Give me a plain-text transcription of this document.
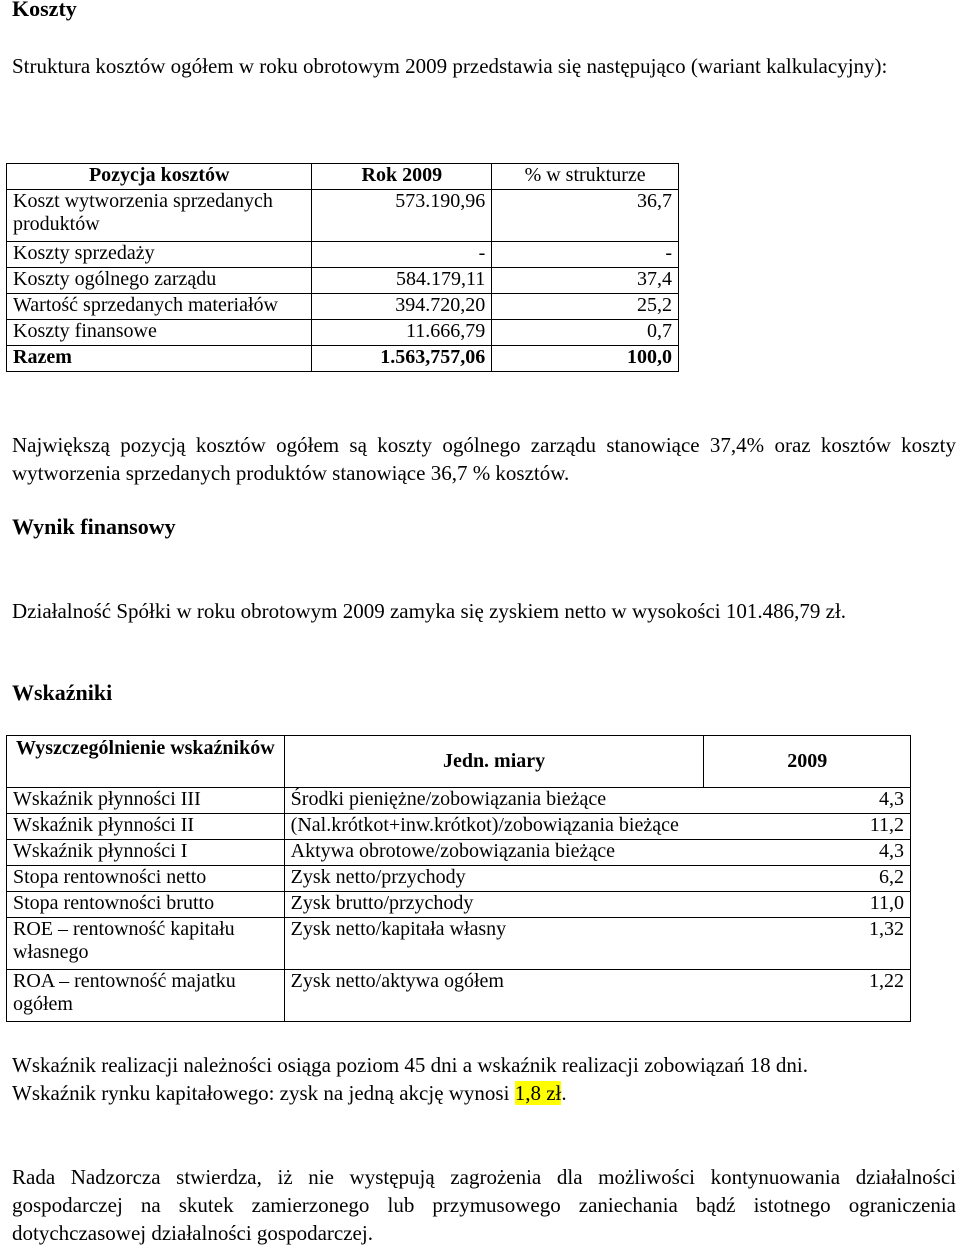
Koszty

Struktura kosztów ogółem w roku obrotowym 2009 przedstawia się następująco (wariant kalkulacyjny):

Pozycja kosztów	Rok 2009	% w strukturze
Koszt wytworzenia sprzedanych produktów	573.190,96	36,7
Koszty sprzedaży	-	-
Koszty ogólnego zarządu	584.179,11	37,4
Wartość sprzedanych materiałów	394.720,20	25,2
Koszty finansowe	11.666,79	0,7
Razem	1.563,757,06	100,0

Największą pozycją kosztów ogółem są koszty ogólnego zarządu stanowiące 37,4% oraz kosztów koszty wytworzenia sprzedanych produktów stanowiące 36,7 % kosztów.

Wynik finansowy

Działalność Spółki w roku obrotowym 2009 zamyka się zyskiem netto w wysokości 101.486,79 zł.

Wskaźniki
Wyszczególnienie wskaźników	Jedn. miary	2009
Wskaźnik płynności III	Środki pieniężne/zobowiązania bieżące	4,3
Wskaźnik płynności II	(Nal.krótkot+inw.krótkot)/zobowiązania bieżące	11,2
Wskaźnik płynności I	Aktywa obrotowe/zobowiązania bieżące	4,3
Stopa rentowności netto	Zysk netto/przychody	6,2
Stopa rentowności brutto	Zysk brutto/przychody	11,0
ROE – rentowność kapitału własnego	Zysk netto/kapitała własny	1,32
ROA – rentowność majatku ogółem	Zysk netto/aktywa ogółem	1,22

Wskaźnik realizacji należności osiąga poziom 45 dni a wskaźnik realizacji zobowiązań 18 dni.

Wskaźnik rynku kapitałowego: zysk na jedną akcję wynosi 1,8 zł.

Rada Nadzorcza stwierdza, iż nie występują zagrożenia dla możliwości kontynuowania działalności gospodarczej na skutek zamierzonego lub przymusowego zaniechania bądź istotnego ograniczenia dotychczasowej działalności gospodarczej.
